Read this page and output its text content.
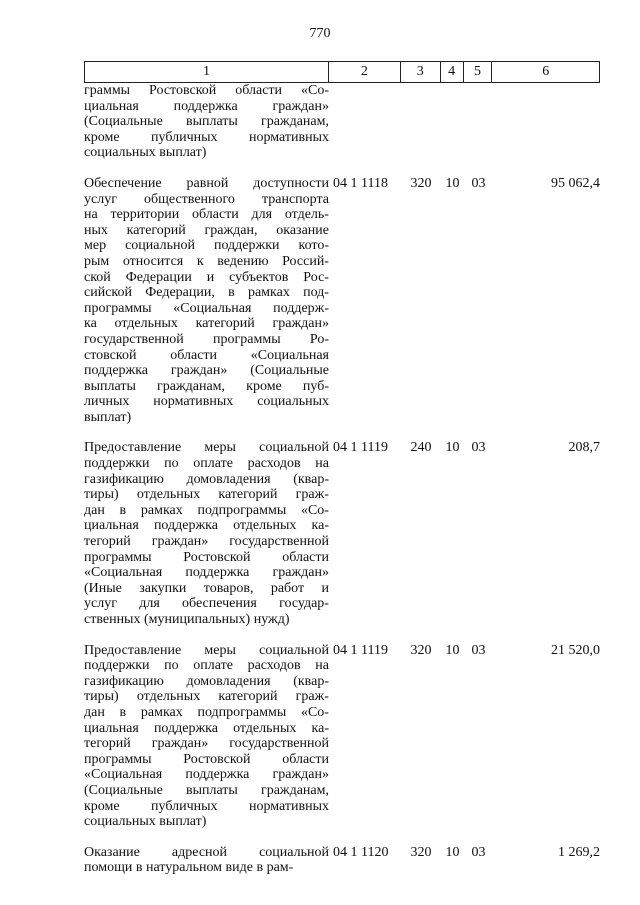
770
1	2	3	4	5	6
граммы Ростовской области «Со-
циальная поддержка граждан»
(Социальные выплаты гражданам,
кроме публичных нормативных
социальных выплат)
Обеспечение равной доступности
услуг общественного транспорта
на территории области для отдель-
ных категорий граждан, оказание
мер социальной поддержки кото-
рым относится к ведению Россий-
ской Федерации и субъектов Рос-
сийской Федерации, в рамках под-
программы «Социальная поддерж-
ка отдельных категорий граждан»
государственной программы Ро-
стовской области «Социальная
поддержка граждан» (Социальные
выплаты гражданам, кроме пуб-
личных нормативных социальных
выплат)
04 1 1118	320	10 03	95 062,4
Предоставление меры социальной
поддержки по оплате расходов на
газификацию домовладения (квар-
тиры) отдельных категорий граж-
дан в рамках подпрограммы «Со-
циальная поддержка отдельных ка-
тегорий граждан» государственной
программы Ростовской области
«Социальная поддержка граждан»
(Иные закупки товаров, работ и
услуг для обеспечения государ-
ственных (муниципальных) нужд)
04 1 1119	240	10 03	208,7
Предоставление меры социальной
поддержки по оплате расходов на
газификацию домовладения (квар-
тиры) отдельных категорий граж-
дан в рамках подпрограммы «Со-
циальная поддержка отдельных ка-
тегорий граждан» государственной
программы Ростовской области
«Социальная поддержка граждан»
(Социальные выплаты гражданам,
кроме публичных нормативных
социальных выплат)
04 1 1119	320	10 03	21 520,0
Оказание адресной социальной
помощи в натуральном виде в рам-
04 1 1120	320	10 03	1 269,2
